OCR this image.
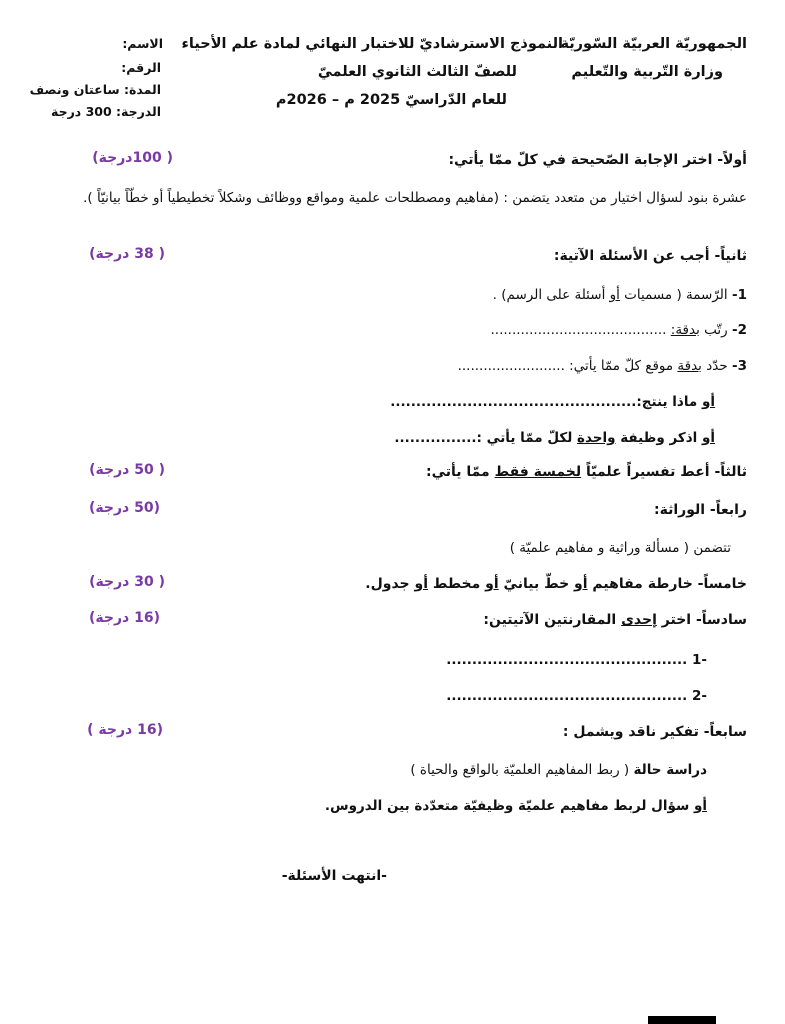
الجمهوريّة العربيّة السّوريّة
وزارة التّربية والتّعليم
النموذج الاسترشاديّ للاختبار النهائي لمادة علم الأحياء
للصفّ الثالث الثانوي العلميّ
للعام الدّراسيّ 2025 م – 2026م
الاسم:
الرقم:
المدة: ساعتان ونصف
الدرجة: 300 درجة
أولاً- اختر الإجابة الصّحيحة في كلّ ممّا يأتي:
( 100درجة)
عشرة بنود لسؤال اختيار من متعدد يتضمن : (مفاهيم ومصطلحات علمية ومواقع ووظائف وشكلاً تخطيطياً أو خطّاً بيانيّاً ).
ثانياً- أجب عن الأسئلة الآتية:
( 38 درجة)
1- الرّسمة ( مسميات أو أسئلة على الرسم) .
2- رتّب بدقة: .........................................
3- حدّد بدقة موقع كلّ ممّا يأتي: .........................
أو ماذا ينتج:................................................
أو اذكر وظيفة واحدة لكلّ ممّا يأتي :................
ثالثاً- أعط تفسيراً علميّاً لخمسة فقط ممّا يأتي:
( 50 درجة)
رابعاً- الوراثة:
(50 درجة)
تتضمن ( مسألة وراثية و مفاهيم علميّة )
خامساً- خارطة مفاهيم أو خطّ بيانيّ أو مخطط أو جدول.
( 30 درجة)
سادساً- اختر إحدى المقارنتين الآتيتين:
(16 درجة)
-1 ...............................................
-2 ...............................................
سابعاً- تفكير ناقد ويشمل :
(16 درجة )
دراسة حالة ( ربط المفاهيم العلميّة بالواقع والحياة )
أو سؤال لربط مفاهيم علميّة وظيفيّة متعدّدة بين الدروس.
-انتهت الأسئلة-
